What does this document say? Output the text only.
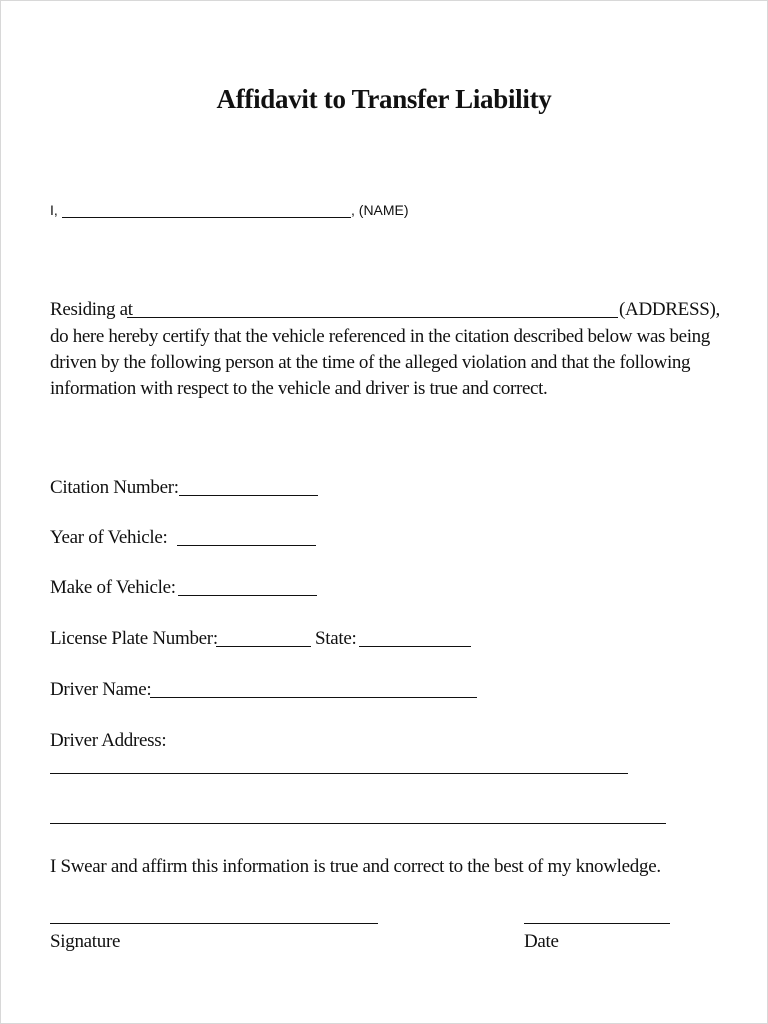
Affidavit to Transfer Liability
I,	, (NAME)
Residing at	(ADDRESS),
do here hereby certify that the vehicle referenced in the citation described below was being
driven by the following person at the time of the alleged violation and that the following
information with respect to the vehicle and driver is true and correct.
Citation Number:
Year of Vehicle:
Make of Vehicle:
License Plate Number:	State:
Driver Name:
Driver Address:
I Swear and affirm this information is true and correct to the best of my knowledge.
Signature	Date
